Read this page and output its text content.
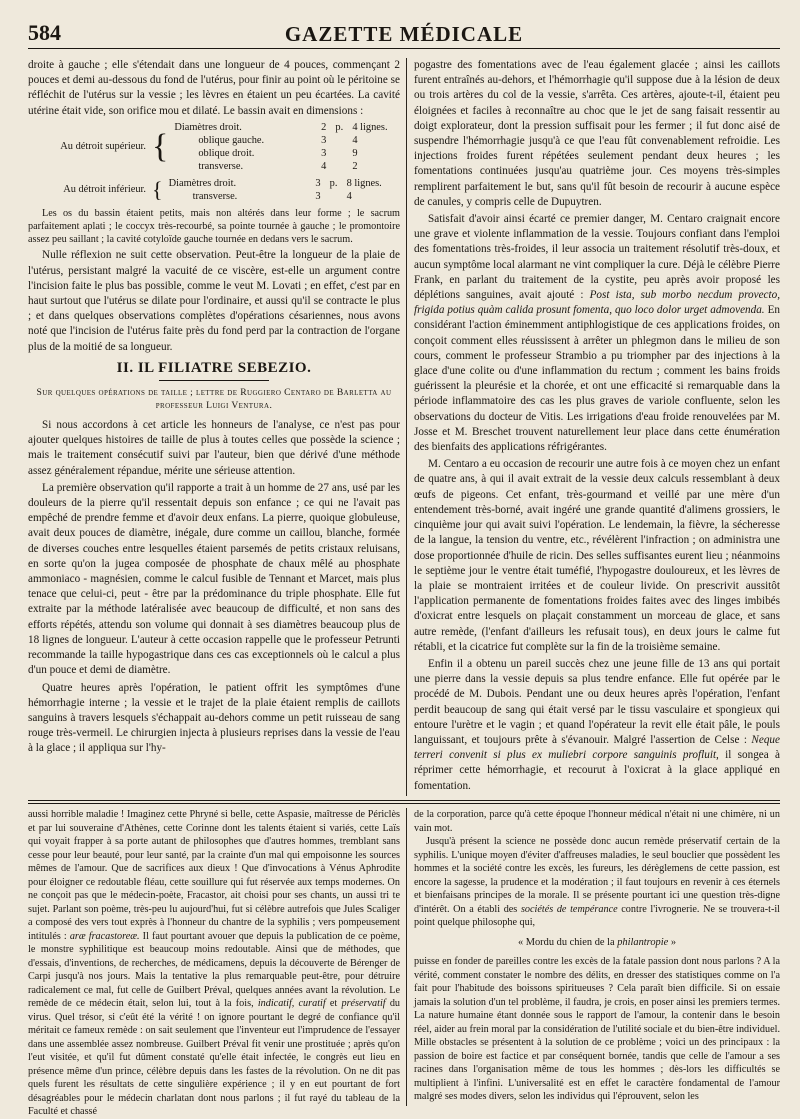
584	GAZETTE MÉDICALE

droite à gauche ; elle s'étendait dans une longueur de 4 pouces, commençant 2 pouces et demi au-dessous du fond de l'utérus, pour finir au point où le péritoine se réfléchit de l'utérus sur la vessie ; les lèvres en étaient un peu écartées. La cavité utérine était vide, son orifice mou et dilaté. Le bassin avait en dimensions :

Au détroit supérieur. {
Diamètres droit.	2 p. 4 lignes.
oblique gauche.	3	4
oblique droit.	3	9
transverse.	4	2
Au détroit inférieur. { Diamètres droit.	3 p. 8 lignes.
transverse.	3	4

Les os du bassin étaient petits, mais non altérés dans leur forme ; le sacrum parfaitement aplati ; le coccyx très-recourbé, sa pointe tournée à gauche ; le promontoire assez peu saillant ; la cavité cotyloïde gauche tournée en dedans vers le sacrum.

Nulle réflexion ne suit cette observation. Peut-être la longueur de la plaie de l'utérus, persistant malgré la vacuité de ce viscère, est-elle un argument contre l'incision faite le plus bas possible, comme le veut M. Lovati ; en effet, c'est par en haut surtout que l'utérus se dilate pour l'ordinaire, et aussi qu'il se contracte le plus ; et dans quelques observations complètes d'opérations césariennes, nous avons noté que l'incision de l'utérus faite près du fond perd par la contraction de l'organe plus de la moitié de sa longueur.

II. IL FILIATRE SEBEZIO.
Sur quelques opérations de taille ; lettre de Ruggiero Centaro de Barletta au professeur Luigi Ventura.

Si nous accordons à cet article les honneurs de l'analyse, ce n'est pas pour ajouter quelques histoires de taille de plus à toutes celles que possède la science ; mais le traitement consécutif suivi par l'auteur, bien que dérivé d'une méthode assez généralement répandue, mérite une sérieuse attention.

La première observation qu'il rapporte a trait à un homme de 27 ans, usé par les douleurs de la pierre qu'il ressentait depuis son enfance ; ce qui ne l'avait pas empêché de prendre femme et d'avoir deux enfans. La pierre, quoique globuleuse, avait deux pouces de diamètre, inégale, dure comme un caillou, blanche, formée de diverses couches entre lesquelles étaient parsemés de petits cristaux reluisans, en sorte qu'on la jugea composée de phosphate de chaux mêlé au phosphate ammoniaco - magnésien, comme le calcul fusible de Tennant et Marcet, mais plus tenace que celui-ci, peut - être par la prédominance du triple phosphate. Elle fut extraite par la méthode latéralisée avec beaucoup de difficulté, et non sans des efforts répétés, attendu son volume qui donnait à ses diamètres beaucoup plus de 18 lignes de longueur. L'auteur à cette occasion rappelle que le professeur Petrunti recommande la taille hypogastrique dans ces cas exceptionnels où le calcul a plus d'un pouce et demi de diamètre.

Quatre heures après l'opération, le patient offrit les symptômes d'une hémorrhagie interne ; la vessie et le trajet de la plaie étaient remplis de caillots sanguins à travers lesquels s'échappait au-dehors comme un petit ruisseau de sang rouge très-vermeil. Le chirurgien injecta à plusieurs reprises dans la vessie de l'eau à la glace ; il appliqua sur l'hy-

pogastre des fomentations avec de l'eau également glacée ; ainsi les caillots furent entraînés au-dehors, et l'hémorrhagie qu'il suppose due à la lésion de deux ou trois artères du col de la vessie, s'arrêta. Ces artères, ajoute-t-il, étaient peu éloignées et faciles à reconnaître au choc que le jet de sang faisait ressentir au doigt explorateur, dont la pression suffisait pour les fermer ; il fut donc aisé de suspendre l'hémorrhagie jusqu'à ce que l'eau fût convenablement refroidie. Les injections froides furent répétées seulement pendant deux heures ; les fomentations continuées jusqu'au quatrième jour. Ces moyens très-simples remplirent parfaitement le but, sans qu'il fût besoin de recourir à aucune espèce de canules, y compris celle de Dupuytren.

Satisfait d'avoir ainsi écarté ce premier danger, M. Centaro craignait encore une grave et violente inflammation de la vessie. Toujours confiant dans l'emploi des fomentations très-froides, il leur associa un traitement résolutif très-doux, et aucun symptôme local alarmant ne vint compliquer la cure. Déjà le célèbre Pierre Frank, en parlant du traitement de la cystite, peu après avoir proposé les déplétions sanguines, avait ajouté : Post ista, sub morbo necdum provecto, frigida potius quàm calida prosunt fomenta, quo loco dolor urget admovenda. En considérant l'action éminemment antiphlogistique de ces applications froides, on conçoit comment elles réussissent à arrêter un phlegmon dans le milieu de son cours, comment le professeur Strambio a pu triompher par des injections à la glace d'une colite ou d'une inflammation du rectum ; comment les bains froids guérissent la pleurésie et la chorée, et ont une efficacité si remarquable dans la période inflammatoire des cas les plus graves de variole confluente, selon les observations du docteur de Vitis. Les irrigations d'eau froide renouvelées par M. Josse et M. Breschet trouvent naturellement leur place dans cette énumération des bienfaits des applications réfrigérantes.

M. Centaro a eu occasion de recourir une autre fois à ce moyen chez un enfant de quatre ans, à qui il avait extrait de la vessie deux calculs ressemblant à deux œufs de pigeons. Cet enfant, très-gourmand et veillé par une mère d'un entendement très-borné, avait ingéré une grande quantité d'alimens grossiers, le cinquième jour qui avait suivi l'opération. Le lendemain, la fièvre, la sécheresse de la langue, la tension du ventre, etc., révélèrent l'infraction ; on administra une dose proportionnée d'huile de ricin. Des selles suffisantes eurent lieu ; néanmoins le septième jour le ventre était tuméfié, l'hypogastre douloureux, et les lèvres de la plaie se montraient irritées et de couleur livide. On prescrivit aussitôt l'application permanente de fomentations froides faites avec des linges imbibés d'oxicrat entre lesquels on plaçait constamment un morceau de glace, et sans autre remède, (l'enfant d'ailleurs les refusait tous), en deux jours le calme fut rétabli, et la cicatrice fut complète sur la fin de la troisième semaine.

Enfin il a obtenu un pareil succès chez une jeune fille de 13 ans qui portait une pierre dans la vessie depuis sa plus tendre enfance. Elle fut opérée par le procédé de M. Dubois. Pendant une ou deux heures après l'opération, l'enfant perdit beaucoup de sang qui était versé par le tissu vasculaire et spongieux qui entoure l'urètre et le vagin ; et quand l'opérateur la revit elle était pâle, le pouls languissant, et toujours prête à s'évanouir. Malgré l'assertion de Celse : Neque terreri convenit si plus ex muliebri corpore sanguinis profluit, il songea à réprimer cette hémorrhagie, et recourut à l'oxicrat à la glace appliqué en fomentation.

aussi horrible maladie ! Imaginez cette Phryné si belle, cette Aspasie, maîtresse de Périclès et par lui souveraine d'Athènes, cette Corinne dont les talents étaient si variés, cette Laïs qui voyait frapper à sa porte autant de philosophes que d'autres hommes, tremblant sans cesse pour leur beauté, pour leur santé, par la crainte d'un mal qui empoisonne les sources mêmes de l'amour. Que de sacrifices aux dieux ! Que d'invocations à Vénus Aphrodite pour éloigner ce redoutable fléau, cette souillure qui fut réservée aux temps modernes. On ne conçoit pas que le médecin-poète, Fracastor, ait choisi pour ses chants, un aussi tri te sujet. Parlant son poème, très-peu lu aujourd'hui, fut si célèbre autrefois que Jules Scaliger a composé des vers tout exprès à l'honneur du chantre de la syphilis ; vers pompeusement intitulés : aræ fracastoreæ. Il faut pourtant avouer que depuis la publication de ce poème, le monstre syphilitique est beaucoup moins redoutable. Ainsi que de méthodes, que d'essais, d'inventions, de recherches, de médicamens, depuis la découverte de Bérenger de Carpi jusqu'à nos jours. Mais la tentative la plus remarquable peut-être, pour détruire radicalement ce mal, fut celle de Guilbert Préval, quelques années avant la révolution. Le remède de ce médecin était, selon lui, tout à la fois, indicatif, curatif et préservatif du virus. Quel trésor, si c'eût été la vérité ! on ignore pourtant le degré de confiance qu'il méritait ce fameux remède : on sait seulement que l'inventeur eut l'imprudence de l'essayer dans une assemblée assez nombreuse. Guilbert Préval fit venir une prostituée ; après qu'on l'eut visitée, et qu'il fut dûment constaté qu'elle était infectée, le congrès eut lieu en présence même d'un prince, célèbre depuis dans les fastes de la révolution. On ne dit pas quels furent les résultats de cette singulière expérience ; il y en eut pourtant de fort désagréables pour le médecin charlatan dont nous parlons ; il fut rayé du tableau de la Faculté et chassé

de la corporation, parce qu'à cette époque l'honneur médical n'était ni une chimère, ni un vain mot.

Jusqu'à présent la science ne possède donc aucun remède préservatif certain de la syphilis. L'unique moyen d'éviter d'affreuses maladies, le seul bouclier que possèdent les hommes et la société contre les excès, les fureurs, les dérèglemens de cette passion, est encore la sagesse, la prudence et la modération ; il faut toujours en revenir à ces éternels et bienfaisans principes de la morale. Il se présente pourtant ici une question très-digne d'intérêt. On a établi des sociétés de tempérance contre l'ivrognerie. Ne se trouvera-t-il point quelque philosophe qui,

« Mordu du chien de la philantropie »

puisse en fonder de pareilles contre les excès de la fatale passion dont nous parlons ? A la vérité, comment constater le nombre des délits, en dresser des statistiques comme on l'a fait pour l'habitude des boissons spiritueuses ? Cela paraît bien difficile. Si on essaie jamais la solution d'un tel problème, il faudra, je crois, en poser ainsi les premiers termes. La nature humaine étant donnée sous le rapport de l'amour, la contenir dans le besoin réel, aider au frein moral par la considération de l'utilité sociale et du bien-être individuel. Mille obstacles se présentent à la solution de ce problème ; voici un des principaux : la passion de boire est factice et par conséquent bornée, tandis que celle de l'amour a ses racines dans l'organisation même de tous les hommes ; dès-lors les difficultés se multiplient à l'infini. L'universalité est en effet le caractère fondamental de l'amour malgré ses modes divers, selon les individus qui l'éprouvent, selon les
